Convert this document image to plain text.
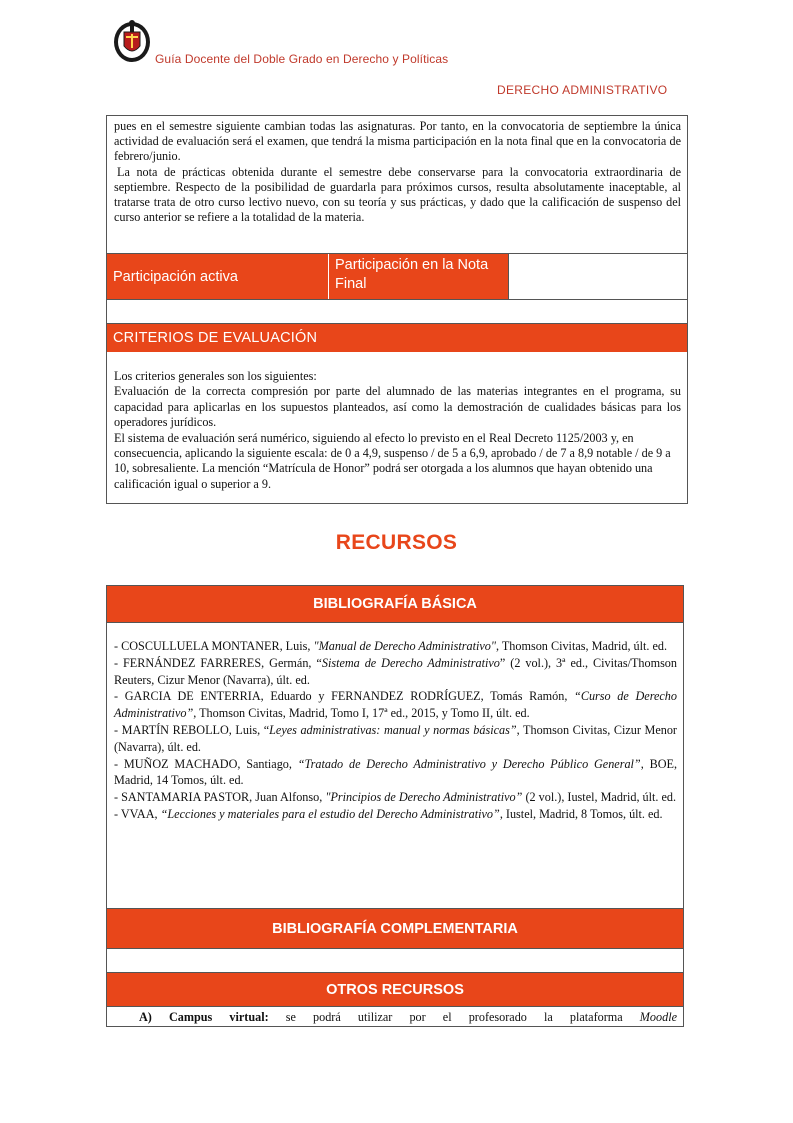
Guía Docente del Doble Grado en Derecho y Políticas
DERECHO ADMINISTRATIVO

pues en el semestre siguiente cambian todas las asignaturas. Por tanto, en la convocatoria de septiembre la única actividad de evaluación será el examen, que tendrá la misma participación en la nota final que en la convocatoria de febrero/junio.

La nota de prácticas obtenida durante el semestre debe conservarse para la convocatoria extraordinaria de septiembre. Respecto de la posibilidad de guardarla para próximos cursos, resulta absolutamente inaceptable, al tratarse trata de otro curso lectivo nuevo, con su teoría y sus prácticas, y dado que la calificación de suspenso del curso anterior se refiere a la totalidad de la materia.

Participación activa
Participación en la Nota Final
CRITERIOS DE EVALUACIÓN

Los criterios generales son los siguientes:

Evaluación de la correcta compresión por parte del alumnado de las materias integrantes en el programa, su capacidad para aplicarlas en los supuestos planteados, así como la demostración de cualidades básicas para los operadores jurídicos.

El sistema de evaluación será numérico, siguiendo al efecto lo previsto en el Real Decreto 1125/2003 y, en consecuencia, aplicando la siguiente escala: de 0 a 4,9, suspenso / de 5 a 6,9, aprobado / de 7 a 8,9 notable / de 9 a 10, sobresaliente. La mención “Matrícula de Honor” podrá ser otorgada a los alumnos que hayan obtenido una calificación igual o superior a 9.

RECURSOS
BIBLIOGRAFÍA BÁSICA

- COSCULLUELA MONTANER, Luis, "Manual de Derecho Administrativo", Thomson Civitas, Madrid, últ. ed.

- FERNÁNDEZ FARRERES, Germán, “Sistema de Derecho Administrativo” (2 vol.), 3ª ed., Civitas/Thomson Reuters, Cizur Menor (Navarra), últ. ed.

- GARCIA DE ENTERRIA, Eduardo y FERNANDEZ RODRÍGUEZ, Tomás Ramón, “Curso de Derecho Administrativo”, Thomson Civitas, Madrid, Tomo I, 17ª ed., 2015, y Tomo II, últ. ed.

- MARTÍN REBOLLO, Luis, “Leyes administrativas: manual y normas básicas”, Thomson Civitas, Cizur Menor (Navarra), últ. ed.

- MUÑOZ MACHADO, Santiago, “Tratado de Derecho Administrativo y Derecho Público General”, BOE, Madrid, 14 Tomos, últ. ed.

- SANTAMARIA PASTOR, Juan Alfonso, "Principios de Derecho Administrativo” (2 vol.), Iustel, Madrid, últ. ed.

- VVAA, “Lecciones y materiales para el estudio del Derecho Administrativo”, Iustel, Madrid, 8 Tomos, últ. ed.

BIBLIOGRAFÍA COMPLEMENTARIA
OTROS RECURSOS
A) Campus virtual: se podrá utilizar por el profesorado la plataforma Moodle
